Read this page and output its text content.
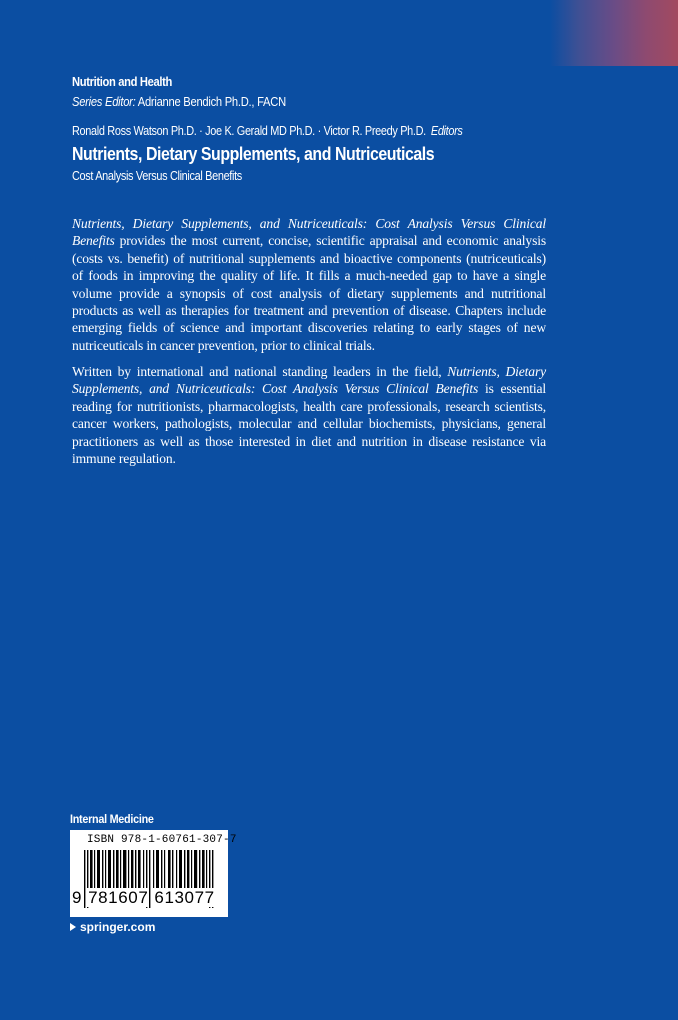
Nutrition and Health
Series Editor: Adrianne Bendich Ph.D., FACN
Ronald Ross Watson Ph.D. · Joe K. Gerald MD Ph.D. · Victor R. Preedy Ph.D. Editors
Nutrients, Dietary Supplements, and Nutriceuticals
Cost Analysis Versus Clinical Benefits

Nutrients, Dietary Supplements, and Nutriceuticals: Cost Analysis Versus Clinical Benefits provides the most current, concise, scientific appraisal and economic analysis (costs vs. benefit) of nutritional supplements and bioactive components (nutriceuticals) of foods in improving the quality of life. It fills a much-needed gap to have a single volume provide a synopsis of cost analysis of dietary supplements and nutritional products as well as therapies for treatment and prevention of disease. Chapters include emerging fields of science and important discoveries relating to early stages of new nutriceuticals in cancer prevention, prior to clinical trials.

Written by international and national standing leaders in the field, Nutrients, Dietary Supplements, and Nutriceuticals: Cost Analysis Versus Clinical Benefits is essential reading for nutritionists, pharmacologists, health care professionals, research scientists, cancer workers, pathologists, molecular and cellular biochemists, physicians, general practitioners as well as those interested in diet and nutrition in disease resistance via immune regulation.

Internal Medicine
ISBN 978-1-60761-307-7
9 781607 613077
springer.com
